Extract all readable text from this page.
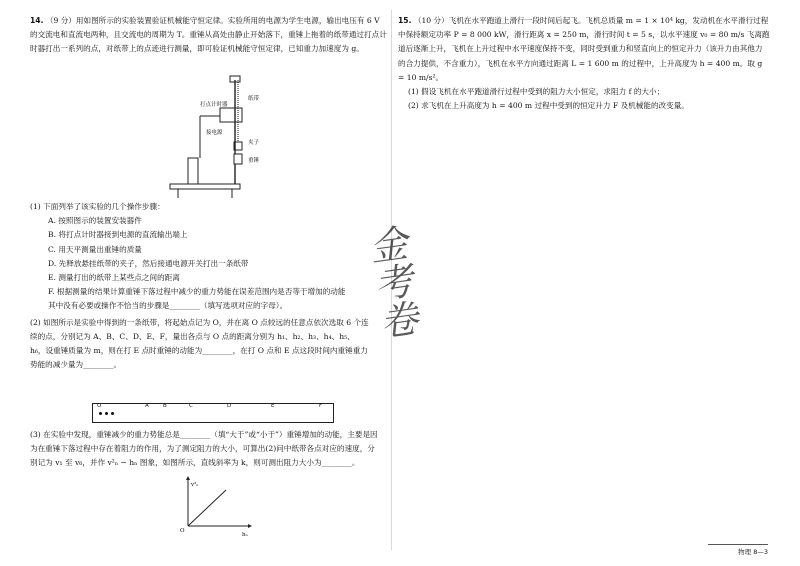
14. （9 分）用如图所示的实验装置验证机械能守恒定律。实验所用的电源为学生电源，输出电压有 6 V 的交流电和直流电两种，且交流电的周期为 T。重锤从高处由静止开始落下，重锤上拖着的纸带通过打点计时器打出一系列的点，对纸带上的点迹进行测量，即可验证机械能守恒定律，已知重力加速度为 g。

打点计时器
纸带
夹子
重锤
接电源

(1) 下面列举了该实验的几个操作步骤：

A. 按照图示的装置安装器件

B. 将打点计时器接到电源的直流输出端上

C. 用天平测量出重锤的质量

D. 先释放悬挂纸带的夹子，然后接通电源开关打出一条纸带

E. 测量打出的纸带上某些点之间的距离

F. 根据测量的结果计算重锤下落过程中减少的重力势能在误差范围内是否等于增加的动能

其中没有必要或操作不恰当的步骤是________（填写选项对应的字母）。

(2) 如图所示是实验中得到的一条纸带，将起始点记为 O，并在离 O 点较远的任意点依次选取 6 个连续的点，分别记为 A、B、C、D、E、F，量出各点与 O 点的距离分别为 h₁、h₂、h₃、h₄、h₅、h₆，设重锤质量为 m，则在打 E 点时重锤的动能为________，在打 O 点和 E 点这段时间内重锤重力势能的减少量为________。

O	A	B	C	D	E	F

(3) 在实验中发现，重锤减少的重力势能总是________（填“大于”或“小于”）重锤增加的动能，主要是因为在重锤下落过程中存在着阻力的作用，为了测定阻力的大小，可算出(2)问中纸带各点对应的速度，分别记为 v₁ 至 v₆，并作 v²ₙ − hₙ 图象，如图所示，直线斜率为 k，则可测出阻力大小为________。

v²ₙ
hₙ
O

15. （10 分）飞机在水平跑道上滑行一段时间后起飞。飞机总质量 m = 1 × 10⁴ kg，发动机在水平滑行过程中保持额定功率 P = 8 000 kW，滑行距离 x = 250 m，滑行时间 t = 5 s，以水平速度 v₀ = 80 m/s 飞离跑道后逐渐上升，飞机在上升过程中水平速度保持不变，同时受到重力和竖直向上的恒定升力（该升力由其他力的合力提供，不含重力），飞机在水平方向通过距离 L = 1 600 m 的过程中，上升高度为 h = 400 m。取 g = 10 m/s²。

(1) 假设飞机在水平跑道滑行过程中受到的阻力大小恒定，求阻力 f 的大小；

(2) 求飞机在上升高度为 h = 400 m 过程中受到的恒定升力 F 及机械能的改变量。

金考卷
物理 8—3
